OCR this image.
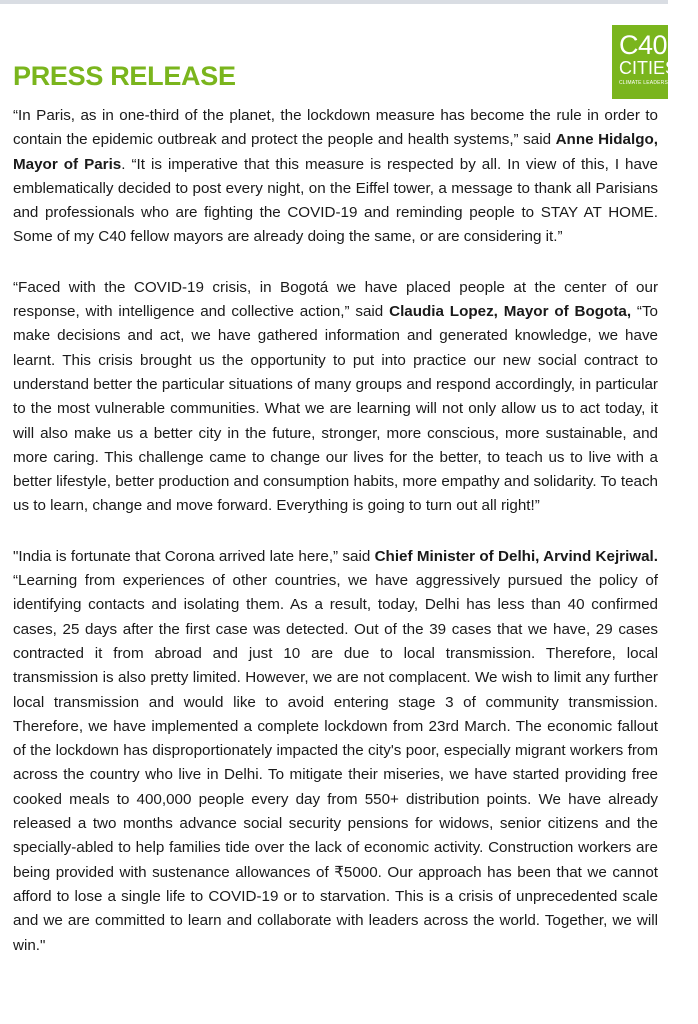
C40
CITIES
CLIMATE LEADERSHIP GROUP
PRESS RELEASE

“In Paris, as in one-third of the planet, the lockdown measure has become the rule in order to contain the epidemic outbreak and protect the people and health systems,” said Anne Hidalgo, Mayor of Paris. “It is imperative that this measure is respected by all. In view of this, I have emblematically decided to post every night, on the Eiffel tower, a message to thank all Parisians and professionals who are fighting the COVID-19 and reminding people to STAY AT HOME. Some of my C40 fellow mayors are already doing the same, or are considering it.”

“Faced with the COVID-19 crisis, in Bogotá we have placed people at the center of our response, with intelligence and collective action,” said Claudia Lopez, Mayor of Bogota, “To make decisions and act, we have gathered information and generated knowledge, we have learnt. This crisis brought us the opportunity to put into practice our new social contract to understand better the particular situations of many groups and respond accordingly, in particular to the most vulnerable communities. What we are learning will not only allow us to act today, it will also make us a better city in the future, stronger, more conscious, more sustainable, and more caring. This challenge came to change our lives for the better, to teach us to live with a better lifestyle, better production and consumption habits, more empathy and solidarity. To teach us to learn, change and move forward. Everything is going to turn out all right!”

"India is fortunate that Corona arrived late here,” said Chief Minister of Delhi, Arvind Kejriwal. “Learning from experiences of other countries, we have aggressively pursued the policy of identifying contacts and isolating them. As a result, today, Delhi has less than 40 confirmed cases, 25 days after the first case was detected. Out of the 39 cases that we have, 29 cases contracted it from abroad and just 10 are due to local transmission. Therefore, local transmission is also pretty limited. However, we are not complacent. We wish to limit any further local transmission and would like to avoid entering stage 3 of community transmission. Therefore, we have implemented a complete lockdown from 23rd March. The economic fallout of the lockdown has disproportionately impacted the city's poor, especially migrant workers from across the country who live in Delhi. To mitigate their miseries, we have started providing free cooked meals to 400,000 people every day from 550+ distribution points. We have already released a two months advance social security pensions for widows, senior citizens and the specially-abled to help families tide over the lack of economic activity. Construction workers are being provided with sustenance allowances of ₹5000. Our approach has been that we cannot afford to lose a single life to COVID-19 or to starvation. This is a crisis of unprecedented scale and we are committed to learn and collaborate with leaders across the world. Together, we will win."
